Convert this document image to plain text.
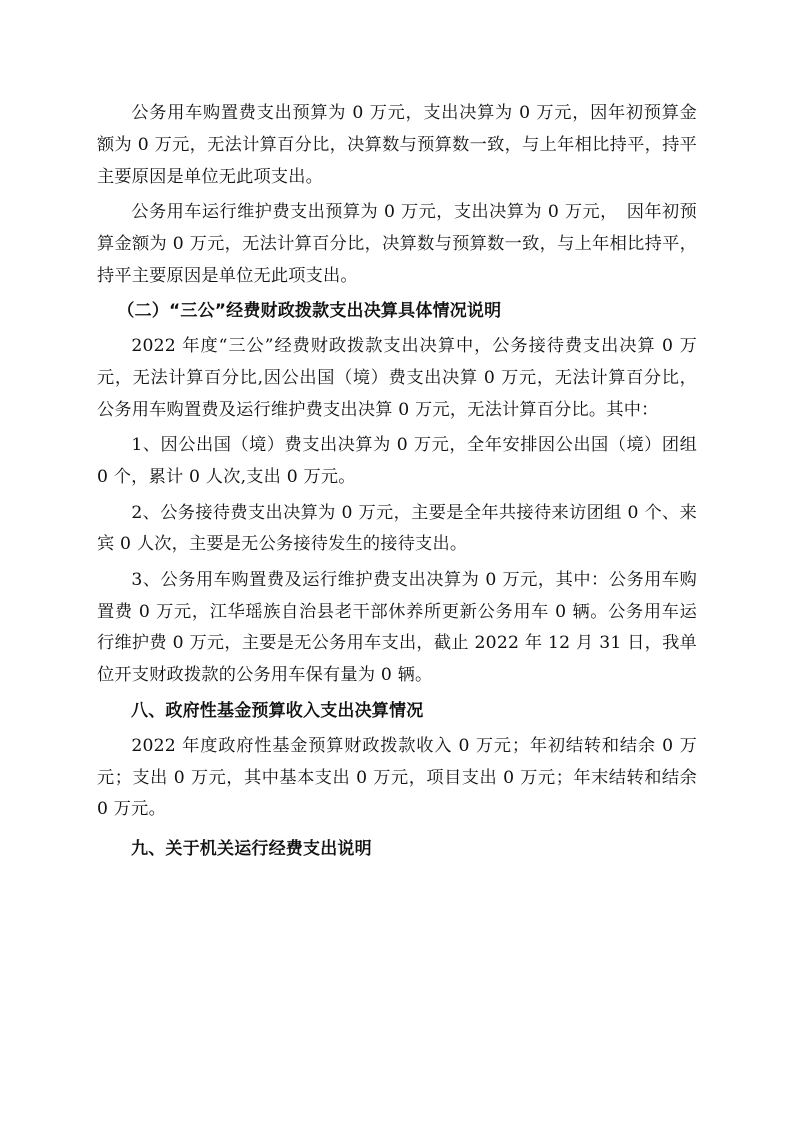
公务用车购置费支出预算为 0 万元，支出决算为 0 万元，因年初预算金额为 0 万元，无法计算百分比，决算数与预算数一致，与上年相比持平，持平主要原因是单位无此项支出。

公务用车运行维护费支出预算为 0 万元，支出决算为 0 万元，　因年初预算金额为 0 万元，无法计算百分比，决算数与预算数一致，与上年相比持平，持平主要原因是单位无此项支出。

（二）“三公”经费财政拨款支出决算具体情况说明

2022 年度“三公”经费财政拨款支出决算中，公务接待费支出决算 0 万元，无法计算百分比,因公出国（境）费支出决算 0 万元，无法计算百分比，公务用车购置费及运行维护费支出决算 0 万元，无法计算百分比。其中：

1、因公出国（境）费支出决算为 0 万元，全年安排因公出国（境）团组 0 个，累计 0 人次,支出 0 万元。

2、公务接待费支出决算为 0 万元，主要是全年共接待来访团组 0 个、来宾 0 人次，主要是无公务接待发生的接待支出。

3、公务用车购置费及运行维护费支出决算为 0 万元，其中：公务用车购置费 0 万元，江华瑶族自治县老干部休养所更新公务用车 0 辆。公务用车运行维护费 0 万元，主要是无公务用车支出，截止 2022 年 12 月 31 日，我单位开支财政拨款的公务用车保有量为 0 辆。

八、政府性基金预算收入支出决算情况

2022 年度政府性基金预算财政拨款收入 0 万元；年初结转和结余 0 万元；支出 0 万元，其中基本支出 0 万元，项目支出 0 万元；年末结转和结余 0 万元。

九、关于机关运行经费支出说明
